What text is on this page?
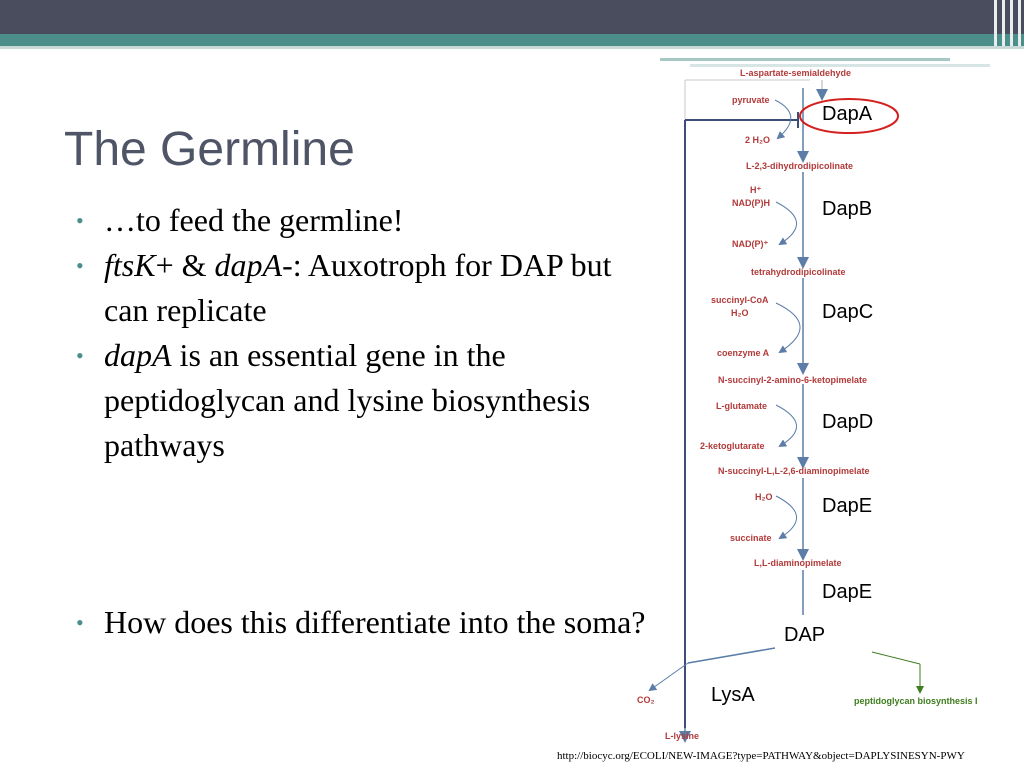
The Germline
• …to feed the germline!
• ftsK+ & dapA-: Auxotroph for DAP but can replicate
• dapA is an essential gene in the peptidoglycan and lysine biosynthesis pathways
• How does this differentiate into the soma?
L-aspartate-semialdehyde
pyruvate
2 H₂O
L-2,3-dihydrodipicolinate
H⁺
NAD(P)H
NAD(P)⁺
tetrahydrodipicolinate
succinyl-CoA
H₂O
coenzyme A
N-succinyl-2-amino-6-ketopimelate
L-glutamate
2-ketoglutarate
N-succinyl-L,L-2,6-diaminopimelate
H₂O
succinate
L,L-diaminopimelate
CO₂
L-lysine
peptidoglycan biosynthesis I
DapA
DapB
DapC
DapD
DapE
DapE
DAP
LysA
http://biocyc.org/ECOLI/NEW-IMAGE?type=PATHWAY&object=DAPLYSINESYN-PWY
